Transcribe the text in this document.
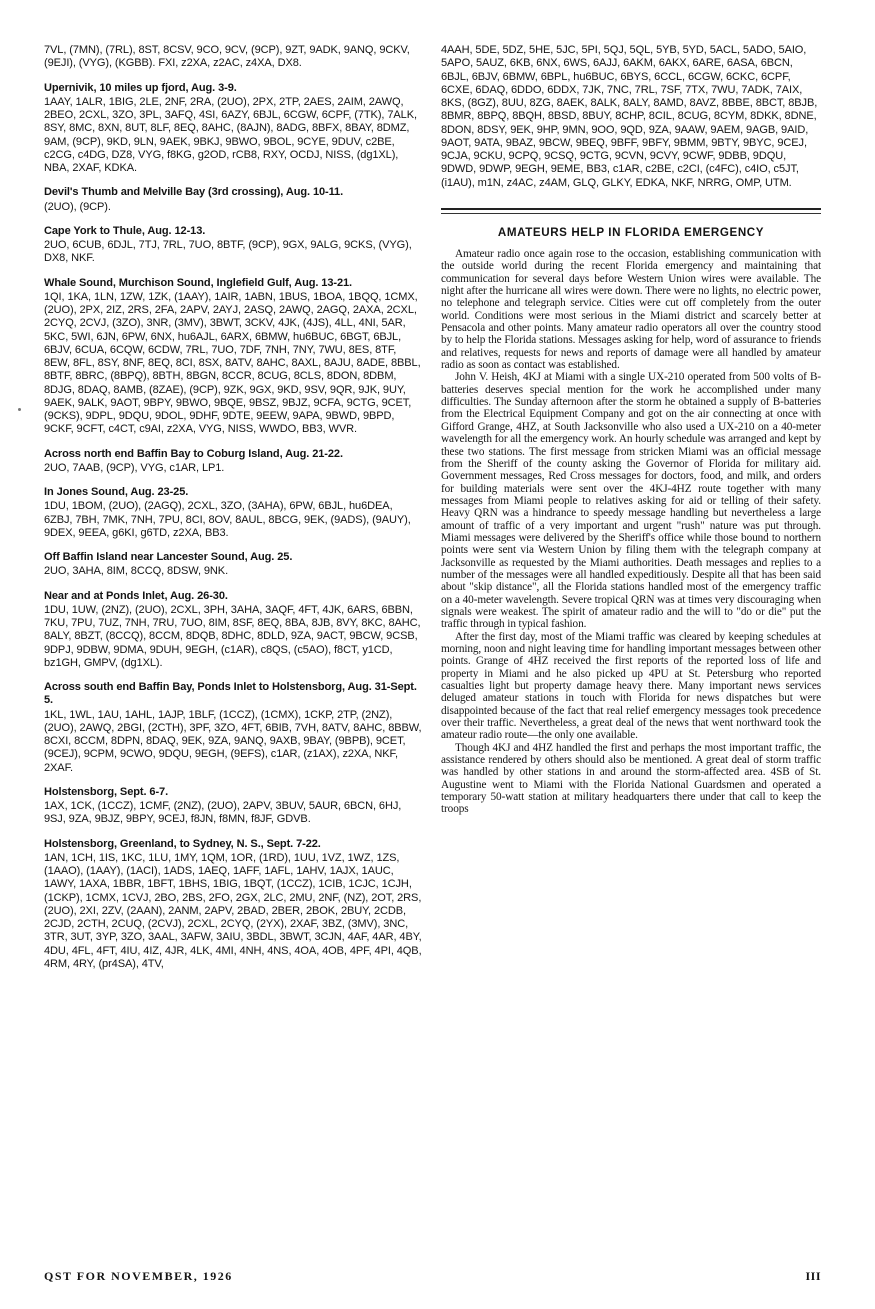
7VL, (7MN), (7RL), 8ST, 8CSV, 9CO, 9CV, (9CP), 9ZT, 9ADK, 9ANQ, 9CKV, (9EJI), (VYG), (KGBB). FXI, z2XA, z2AC, z4XA, DX8.
Upernivik, 10 miles up fjord, Aug. 3-9.
1AAY, 1ALR, 1BIG, 2LE, 2NF, 2RA, (2UO), 2PX, 2TP, 2AES, 2AIM, 2AWQ, 2BEO, 2CXL, 3ZO, 3PL, 3AFQ, 4SI, 6AZY, 6BJL, 6CGW, 6CPF, (7TK), 7ALK, 8SY, 8MC, 8XN, 8UT, 8LF, 8EQ, 8AHC, (8AJN), 8ADG, 8BFX, 8BAY, 8DMZ, 9AM, (9CP), 9KD, 9LN, 9AEK, 9BKJ, 9BWO, 9BOL, 9CYE, 9DUV, c2BE, c2CG, c4DG, DZ8, VYG, f8KG, g2OD, rCB8, RXY, OCDJ, NISS, (dg1XL), NBA, 2XAF, KDKA.
Devil's Thumb and Melville Bay (3rd crossing), Aug. 10-11.
(2UO), (9CP).
Cape York to Thule, Aug. 12-13.
2UO, 6CUB, 6DJL, 7TJ, 7RL, 7UO, 8BTF, (9CP), 9GX, 9ALG, 9CKS, (VYG), DX8, NKF.
Whale Sound, Murchison Sound, Inglefield Gulf, Aug. 13-21.
1QI, 1KA, 1LN, 1ZW, 1ZK, (1AAY), 1AIR, 1ABN, 1BUS, 1BOA, 1BQQ, 1CMX, (2UO), 2PX, 2IZ, 2RS, 2FA, 2APV, 2AYJ, 2ASQ, 2AWQ, 2AGQ, 2AXA, 2CXL, 2CYQ, 2CVJ, (3ZO), 3NR, (3MV), 3BWT, 3CKV, 4JK, (4JS), 4LL, 4NI, 5AR, 5KC, 5WI, 6JN, 6PW, 6NX, hu6AJL, 6ARX, 6BMW, hu6BUC, 6BGT, 6BJL, 6BJV, 6CUA, 6CQW, 6CDW, 7RL, 7UO, 7DF, 7NH, 7NY, 7WU, 8ES, 8TF, 8EW, 8FL, 8SY, 8NF, 8EQ, 8CI, 8SX, 8ATV, 8AHC, 8AXL, 8AJU, 8ADE, 8BBL, 8BTF, 8BRC, (8BPQ), 8BTH, 8BGN, 8CCR, 8CUG, 8CLS, 8DON, 8DBM, 8DJG, 8DAQ, 8AMB, (8ZAE), (9CP), 9ZK, 9GX, 9KD, 9SV, 9QR, 9JK, 9UY, 9AEK, 9ALK, 9AOT, 9BPY, 9BWO, 9BQE, 9BSZ, 9BJZ, 9CFA, 9CTG, 9CET, (9CKS), 9DPL, 9DQU, 9DOL, 9DHF, 9DTE, 9EEW, 9APA, 9BWD, 9BPD, 9CKF, 9CFT, c4CT, c9AI, z2XA, VYG, NISS, WWDO, BB3, WVR.
Across north end Baffin Bay to Coburg Island, Aug. 21-22.
2UO, 7AAB, (9CP), VYG, c1AR, LP1.
In Jones Sound, Aug. 23-25.
1DU, 1BOM, (2UO), (2AGQ), 2CXL, 3ZO, (3AHA), 6PW, 6BJL, hu6DEA, 6ZBJ, 7BH, 7MK, 7NH, 7PU, 8CI, 8OV, 8AUL, 8BCG, 9EK, (9ADS), (9AUY), 9DEX, 9EEA, g6KI, g6TD, z2XA, BB3.
Off Baffin Island near Lancester Sound, Aug. 25.
2UO, 3AHA, 8IM, 8CCQ, 8DSW, 9NK.
Near and at Ponds Inlet, Aug. 26-30.
1DU, 1UW, (2NZ), (2UO), 2CXL, 3PH, 3AHA, 3AQF, 4FT, 4JK, 6ARS, 6BBN, 7KU, 7PU, 7UZ, 7NH, 7RU, 7UO, 8IM, 8SF, 8EQ, 8BA, 8JB, 8VY, 8KC, 8AHC, 8ALY, 8BZT, (8CCQ), 8CCM, 8DQB, 8DHC, 8DLD, 9ZA, 9ACT, 9BCW, 9CSB, 9DPJ, 9DBW, 9DMA, 9DUH, 9EGH, (c1AR), c8QS, (c5AO), f8CT, y1CD, bz1GH, GMPV, (dg1XL).
Across south end Baffin Bay, Ponds Inlet to Holstensborg, Aug. 31-Sept. 5.
1KL, 1WL, 1AU, 1AHL, 1AJP, 1BLF, (1CCZ), (1CMX), 1CKP, 2TP, (2NZ), (2UO), 2AWQ, 2BGI, (2CTH), 3PF, 3ZO, 4FT, 6BIB, 7VH, 8ATV, 8AHC, 8BBW, 8CXI, 8CCM, 8DPN, 8DAQ, 9EK, 9ZA, 9ANQ, 9AXB, 9BAY, (9BPB), 9CET, (9CEJ), 9CPM, 9CWO, 9DQU, 9EGH, (9EFS), c1AR, (z1AX), z2XA, NKF, 2XAF.
Holstensborg, Sept. 6-7.
1AX, 1CK, (1CCZ), 1CMF, (2NZ), (2UO), 2APV, 3BUV, 5AUR, 6BCN, 6HJ, 9SJ, 9ZA, 9BJZ, 9BPY, 9CEJ, f8JN, f8MN, f8JF, GDVB.
Holstensborg, Greenland, to Sydney, N. S., Sept. 7-22.
1AN, 1CH, 1IS, 1KC, 1LU, 1MY, 1QM, 1OR, (1RD), 1UU, 1VZ, 1WZ, 1ZS, (1AAO), (1AAY), (1ACI), 1ADS, 1AEQ, 1AFF, 1AFL, 1AHV, 1AJX, 1AUC, 1AWY, 1AXA, 1BBR, 1BFT, 1BHS, 1BIG, 1BQT, (1CCZ), 1CIB, 1CJC, 1CJH, (1CKP), 1CMX, 1CVJ, 2BO, 2BS, 2FO, 2GX, 2LC, 2MU, 2NF, (NZ), 2OT, 2RS, (2UO), 2XI, 2ZV, (2AAN), 2ANM, 2APV, 2BAD, 2BER, 2BOK, 2BUY, 2CDB, 2CJD, 2CTH, 2CUQ, (2CVJ), 2CXL, 2CYQ, (2YX), 2XAF, 3BZ, (3MV), 3NC, 3TR, 3UT, 3YP, 3ZO, 3AAL, 3AFW, 3AIU, 3BDL, 3BWT, 3CJN, 4AF, 4AR, 4BY, 4DU, 4FL, 4FT, 4IU, 4IZ, 4JR, 4LK, 4MI, 4NH, 4NS, 4OA, 4OB, 4PF, 4PI, 4QB, 4RM, 4RY, (pr4SA), 4TV,
4AAH, 5DE, 5DZ, 5HE, 5JC, 5PI, 5QJ, 5QL, 5YB, 5YD, 5ACL, 5ADO, 5AIO, 5APO, 5AUZ, 6KB, 6NX, 6WS, 6AJJ, 6AKM, 6AKX, 6ARE, 6ASA, 6BCN, 6BJL, 6BJV, 6BMW, 6BPL, hu6BUC, 6BYS, 6CCL, 6CGW, 6CKC, 6CPF, 6CXE, 6DAQ, 6DDO, 6DDX, 7JK, 7NC, 7RL, 7SF, 7TX, 7WU, 7ADK, 7AIX, 8KS, (8GZ), 8UU, 8ZG, 8AEK, 8ALK, 8ALY, 8AMD, 8AVZ, 8BBE, 8BCT, 8BJB, 8BMR, 8BPQ, 8BQH, 8BSD, 8BUY, 8CHP, 8CIL, 8CUG, 8CYM, 8DKK, 8DNE, 8DON, 8DSY, 9EK, 9HP, 9MN, 9OO, 9QD, 9ZA, 9AAW, 9AEM, 9AGB, 9AID, 9AOT, 9ATA, 9BAZ, 9BCW, 9BEQ, 9BFF, 9BFY, 9BMM, 9BTY, 9BYC, 9CEJ, 9CJA, 9CKU, 9CPQ, 9CSQ, 9CTG, 9CVN, 9CVY, 9CWF, 9DBB, 9DQU, 9DWD, 9DWP, 9EGH, 9EME, BB3, c1AR, c2BE, c2CI, (c4FC), c4IO, c5JT, (i1AU), m1N, z4AC, z4AM, GLQ, GLKY, EDKA, NKF, NRRG, OMP, UTM.
AMATEURS HELP IN FLORIDA EMERGENCY

Amateur radio once again rose to the occasion, establishing communication with the outside world during the recent Florida emergency and maintaining that communication for several days before Western Union wires were available. The night after the hurricane all wires were down. There were no lights, no electric power, no telephone and telegraph service. Cities were cut off completely from the outer world. Conditions were most serious in the Miami district and scarcely better at Pensacola and other points. Many amateur radio operators all over the country stood by to help the Florida stations. Messages asking for help, word of assurance to friends and relatives, requests for news and reports of damage were all handled by amateur radio as soon as contact was established.

John V. Heish, 4KJ at Miami with a single UX-210 operated from 500 volts of B-batteries deserves special mention for the work he accomplished under many difficulties. The Sunday afternoon after the storm he obtained a supply of B-batteries from the Electrical Equipment Company and got on the air connecting at once with Gifford Grange, 4HZ, at South Jacksonville who also used a UX-210 on a 40-meter wavelength for all the emergency work. An hourly schedule was arranged and kept by these two stations. The first message from stricken Miami was an official message from the Sheriff of the county asking the Governor of Florida for military aid. Government messages, Red Cross messages for doctors, food, and milk, and orders for building materials were sent over the 4KJ-4HZ route together with many messages from Miami people to relatives asking for aid or telling of their safety. Heavy QRN was a hindrance to speedy message handling but nevertheless a large amount of traffic of a very important and urgent "rush" nature was put through. Miami messages were delivered by the Sheriff's office while those bound to northern points were sent via Western Union by filing them with the telegraph company at Jacksonville as requested by the Miami authorities. Death messages and replies to a number of the messages were all handled expeditiously. Despite all that has been said about "skip distance", all the Florida stations handled most of the emergency traffic on a 40-meter wavelength. Severe tropical QRN was at times very discouraging when signals were weakest. The spirit of amateur radio and the will to "do or die" put the traffic through in typical fashion.

After the first day, most of the Miami traffic was cleared by keeping schedules at morning, noon and night leaving time for handling important messages between other points. Grange of 4HZ received the first reports of the reported loss of life and property in Miami and he also picked up 4PU at St. Petersburg who reported casualties light but property damage heavy there. Many important news services deluged amateur stations in touch with Florida for news dispatches but were disappointed because of the fact that real relief emergency messages took precedence over their traffic. Nevertheless, a great deal of the news that went northward took the amateur radio route—the only one available.

Though 4KJ and 4HZ handled the first and perhaps the most important traffic, the assistance rendered by others should also be mentioned. A great deal of storm traffic was handled by other stations in and around the storm-affected area. 4SB of St. Augustine went to Miami with the Florida National Guardsmen and operated a temporary 50-watt station at military headquarters there under that call to keep the troops

QST FOR NOVEMBER, 1926	III
